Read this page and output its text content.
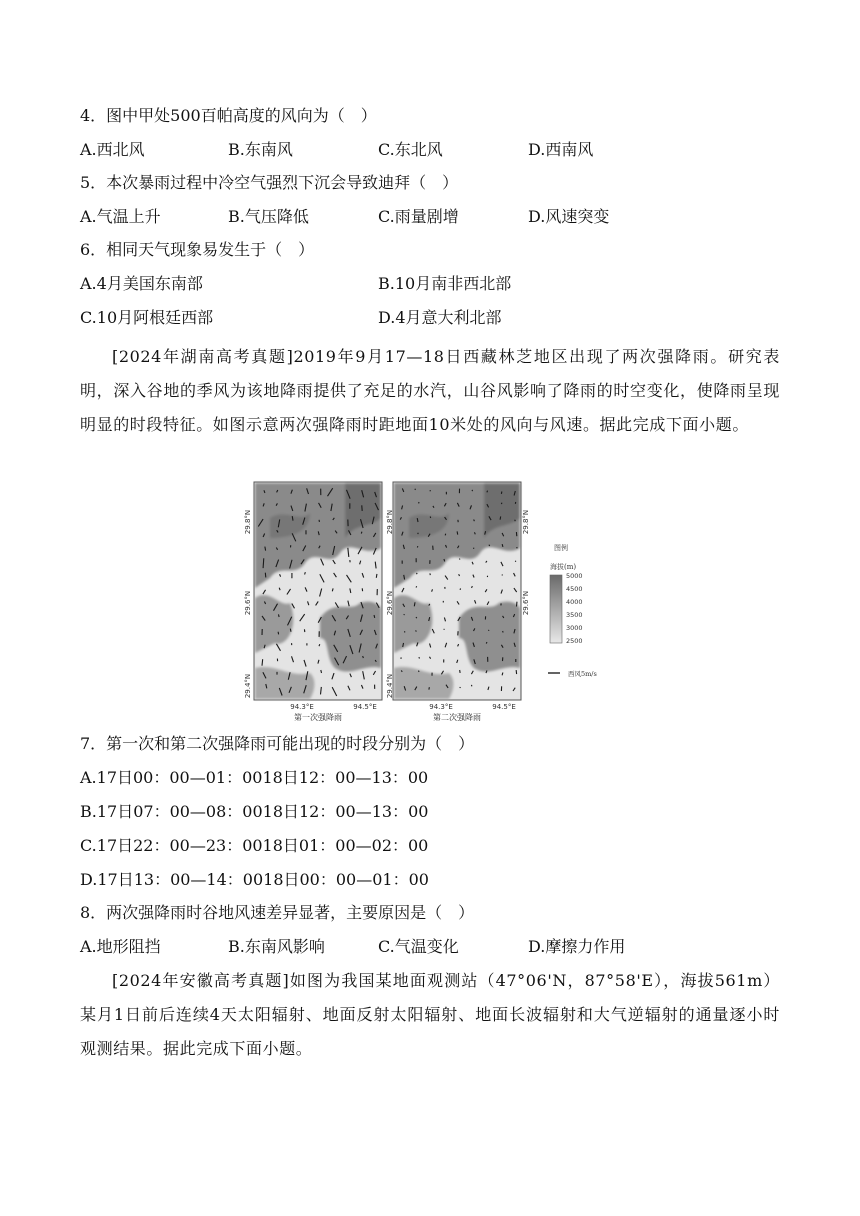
4．图中甲处500百帕高度的风向为（　）
A.西北风	B.东南风	C.东北风	D.西南风
5．本次暴雨过程中冷空气强烈下沉会导致迪拜（　）
A.气温上升	B.气压降低	C.雨量剧增	D.风速突变
6．相同天气现象易发生于（　）
A.4月美国东南部	B.10月南非西北部
C.10月阿根廷西部	D.4月意大利北部
[2024年湖南高考真题]2019年9月17—18日西藏林芝地区出现了两次强降雨。研究表明，深入谷地的季风为该地降雨提供了充足的水汽，山谷风影响了降雨的时空变化，使降雨呈现明显的时段特征。如图示意两次强降雨时距地面10米处的风向与风速。据此完成下面小题。
29.8°N
29.6°N
29.4°N
29.8°N
29.6°N
29.4°N
29.8°N
29.6°N
94.3°E	94.5°E	94.3°E	94.5°E
第一次强降雨	第二次强降雨
图例
海拔(m)
5000
4500
4000
3500
3000
2500
西风5m/s
7．第一次和第二次强降雨可能出现的时段分别为（　）
A.17日00：00—01：0018日12：00—13：00
B.17日07：00—08：0018日12：00—13：00
C.17日22：00—23：0018日01：00—02：00
D.17日13：00—14：0018日00：00—01：00
8．两次强降雨时谷地风速差异显著，主要原因是（　）
A.地形阻挡	B.东南风影响	C.气温变化	D.摩擦力作用
[2024年安徽高考真题]如图为我国某地面观测站（47°06'N，87°58'E），海拔561m）某月1日前后连续4天太阳辐射、地面反射太阳辐射、地面长波辐射和大气逆辐射的通量逐小时观测结果。据此完成下面小题。
